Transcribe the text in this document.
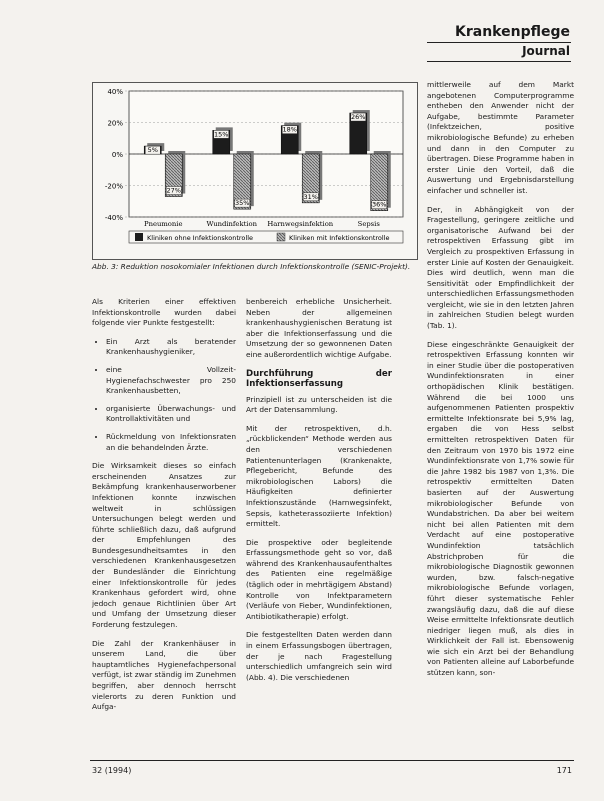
Krankenpflege
Journal
40%
20%
0%
-20%
-40%
5%
27%
Pneumonie
15%
35%
Wundinfektion
18%
31%
Harnwegsinfektion
26%
36%
Sepsis
Kliniken ohne Infektionskontrolle	Kliniken mit Infektionskontrolle
Abb. 3: Reduktion nosokomialer Infektionen durch Infektionskontrolle (SENIC-Projekt).

Als Kriterien einer effektiven Infektionskontrolle wurden dabei folgende vier Punkte festgestellt:

• Ein Arzt als beratender Krankenhaushygieniker,
• eine Vollzeit-Hygienefachschwester pro 250 Krankenhausbetten,
• organisierte Überwachungs- und Kontrollaktivitäten und
• Rückmeldung von Infektionsraten an die behandelnden Ärzte.

Die Wirksamkeit dieses so einfach erscheinenden Ansatzes zur Bekämpfung krankenhauserworbener Infektionen konnte inzwischen weltweit in schlüssigen Untersuchungen belegt werden und führte schließlich dazu, daß aufgrund der Empfehlungen des Bundesgesundheitsamtes in den verschiedenen Krankenhausgesetzen der Bundesländer die Einrichtung einer Infektionskontrolle für jedes Krankenhaus gefordert wird, ohne jedoch genaue Richtlinien über Art und Umfang der Umsetzung dieser Forderung festzulegen.

Die Zahl der Krankenhäuser in unserem Land, die über hauptamtliches Hygienefachpersonal verfügt, ist zwar ständig im Zunehmen begriffen, aber dennoch herrscht vielerorts zu deren Funktion und Aufga-

benbereich erhebliche Unsicherheit. Neben der allgemeinen krankenhaushygienischen Beratung ist aber die Infektionserfassung und die Umsetzung der so gewonnenen Daten eine außerordentlich wichtige Aufgabe.

Durchführung der Infektionserfassung

Prinzipiell ist zu unterscheiden ist die Art der Datensammlung.

Mit der retrospektiven, d.h. „rückblickenden“ Methode werden aus den verschiedenen Patientenunterlagen (Krankenakte, Pflegebericht, Befunde des mikrobiologischen Labors) die Häufigkeiten definierter Infektionszustände (Harnwegsinfekt, Sepsis, katheterassoziierte Infektion) ermittelt.

Die prospektive oder begleitende Erfassungsmethode geht so vor, daß während des Krankenhausaufenthaltes des Patienten eine regelmäßige (täglich oder in mehrtägigem Abstand) Kontrolle von Infektparametern (Verläufe von Fieber, Wundinfektionen, Antibiotikatherapie) erfolgt.

Die festgestellten Daten werden dann in einem Erfassungsbogen übertragen, der je nach Fragestellung unterschiedlich umfangreich sein wird (Abb. 4). Die verschiedenen

mittlerweile auf dem Markt angebotenen Computerprogramme entheben den Anwender nicht der Aufgabe, bestimmte Parameter (Infektzeichen, positive mikrobiologische Befunde) zu erheben und dann in den Computer zu übertragen. Diese Programme haben in erster Linie den Vorteil, daß die Auswertung und Ergebnisdarstellung einfacher und schneller ist.

Der, in Abhängigkeit von der Fragestellung, geringere zeitliche und organisatorische Aufwand bei der retrospektiven Erfassung gibt im Vergleich zu prospektiven Erfassung in erster Linie auf Kosten der Genauigkeit. Dies wird deutlich, wenn man die Sensitivität oder Empfindlichkeit der unterschiedlichen Erfassungsmethoden vergleicht, wie sie in den letzten Jahren in zahlreichen Studien belegt wurden (Tab. 1).

Diese eingeschränkte Genauigkeit der retrospektiven Erfassung konnten wir in einer Studie über die postoperativen Wundinfektionsraten in einer orthopädischen Klinik bestätigen. Während die bei 1000 uns aufgenommenen Patienten prospektiv ermittelte Infektionsrate bei 5,9% lag, ergaben die von Hess selbst ermittelten retrospektiven Daten für den Zeitraum von 1970 bis 1972 eine Wundinfektionsrate von 1,7% sowie für die Jahre 1982 bis 1987 von 1,3%. Die retrospektiv ermittelten Daten basierten auf der Auswertung mikrobiologischer Befunde von Wundabstrichen. Da aber bei weitem nicht bei allen Patienten mit dem Verdacht auf eine postoperative Wundinfektion tatsächlich Abstrichproben für die mikrobiologische Diagnostik gewonnen wurden, bzw. falsch-negative mikrobiologische Befunde vorlagen, führt dieser systematische Fehler zwangsläufig dazu, daß die auf diese Weise ermittelte Infektionsrate deutlich niedriger liegen muß, als dies in Wirklichkeit der Fall ist. Ebensowenig wie sich ein Arzt bei der Behandlung von Patienten alleine auf Laborbefunde stützen kann, son-

32 (1994)	171
